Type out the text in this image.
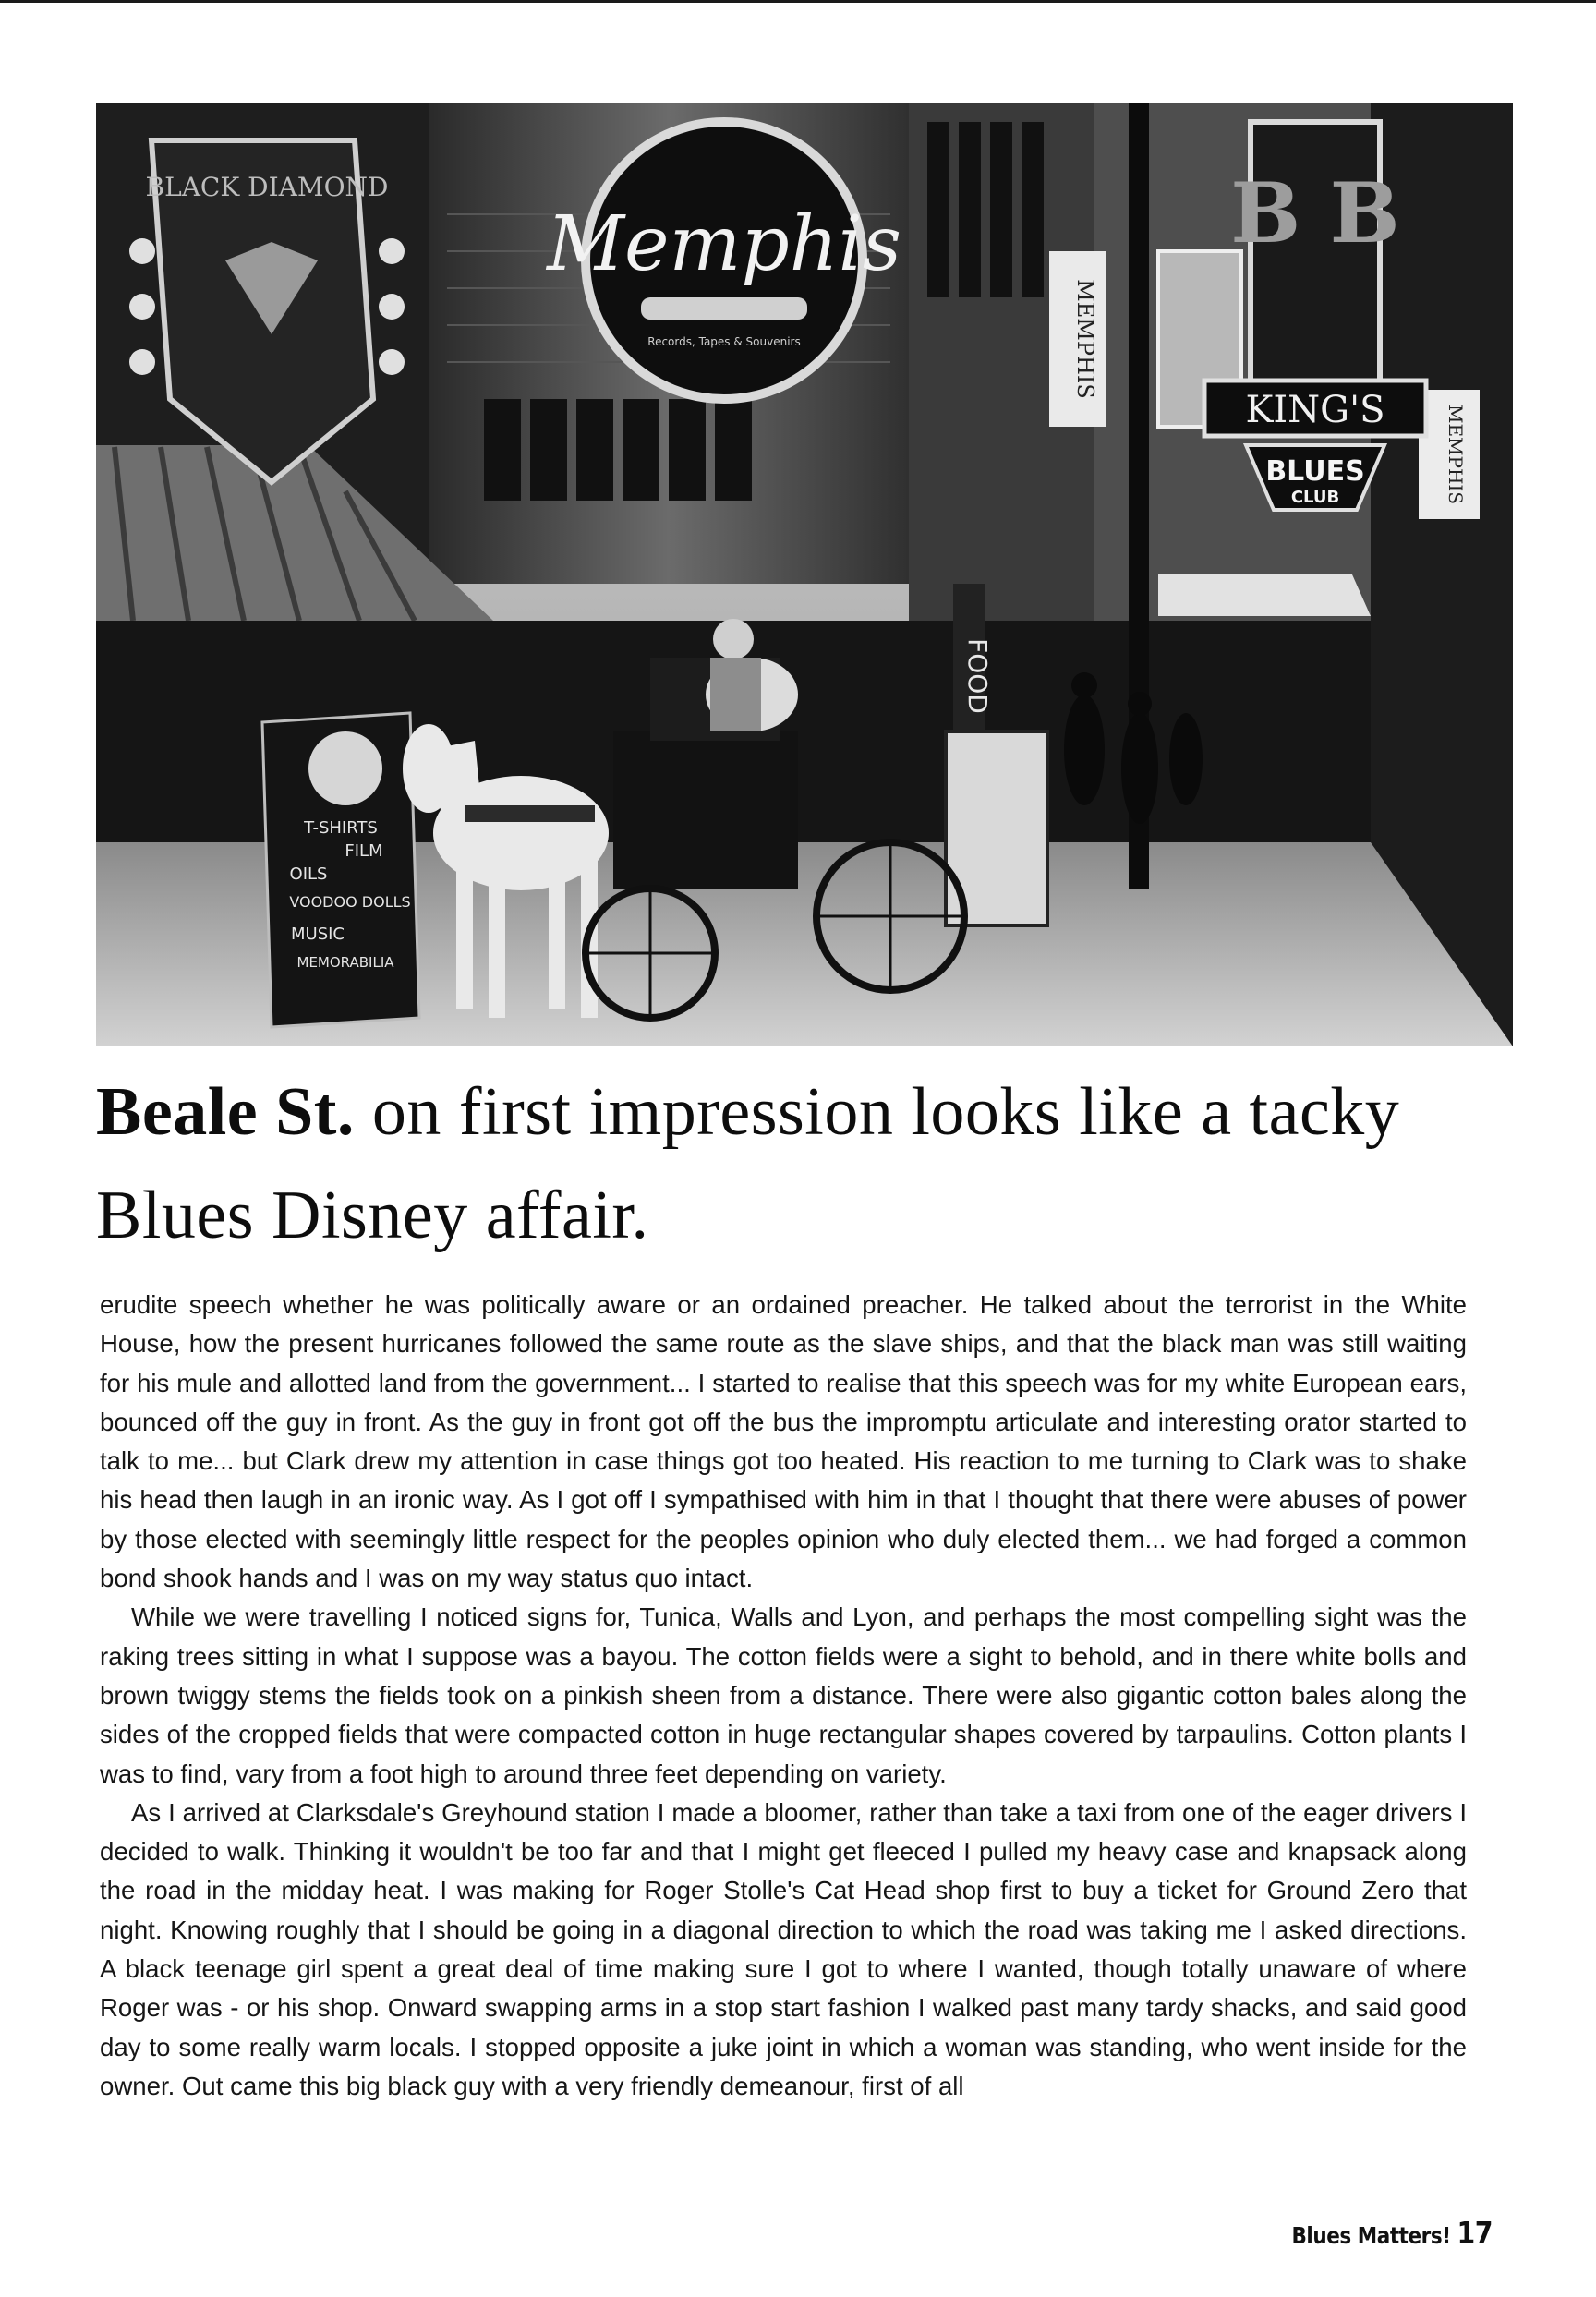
BLACK DIAMOND
Memphis
Records, Tapes & Souvenirs	MEMPHIS
MEMPHIS
B B
KING'S
BLUES
CLUB
FOOD
T-SHIRTS
FILM
OILS
VOODOO DOLLS
MUSIC
MEMORABILIA
Beale St. on first impression looks like a tacky Blues Disney affair.

erudite speech whether he was politically aware or an ordained preacher. He talked about the terrorist in the White House, how the present hurricanes followed the same route as the slave ships, and that the black man was still waiting for his mule and allotted land from the government... I started to realise that this speech was for my white European ears, bounced off the guy in front. As the guy in front got off the bus the impromptu articulate and interesting orator started to talk to me... but Clark drew my attention in case things got too heated. His reaction to me turning to Clark was to shake his head then laugh in an ironic way. As I got off I sympathised with him in that I thought that there were abuses of power by those elected with seemingly little respect for the peoples opinion who duly elected them... we had forged a common bond shook hands and I was on my way status quo intact.

While we were travelling I noticed signs for, Tunica, Walls and Lyon, and perhaps the most compelling sight was the raking trees sitting in what I suppose was a bayou. The cotton fields were a sight to behold, and in there white bolls and brown twiggy stems the fields took on a pinkish sheen from a distance. There were also gigantic cotton bales along the sides of the cropped fields that were compacted cotton in huge rectangular shapes covered by tarpaulins. Cotton plants I was to find, vary from a foot high to around three feet depending on variety.

As I arrived at Clarksdale's Greyhound station I made a bloomer, rather than take a taxi from one of the eager drivers I decided to walk. Thinking it wouldn't be too far and that I might get fleeced I pulled my heavy case and knapsack along the road in the midday heat. I was making for Roger Stolle's Cat Head shop first to buy a ticket for Ground Zero that night. Knowing roughly that I should be going in a diagonal direction to which the road was taking me I asked directions. A black teenage girl spent a great deal of time making sure I got to where I wanted, though totally unaware of where Roger was - or his shop. Onward swapping arms in a stop start fashion I walked past many tardy shacks, and said good day to some really warm locals. I stopped opposite a juke joint in which a woman was standing, who went inside for the owner. Out came this big black guy with a very friendly demeanour, first of all

Blues Matters! 17
